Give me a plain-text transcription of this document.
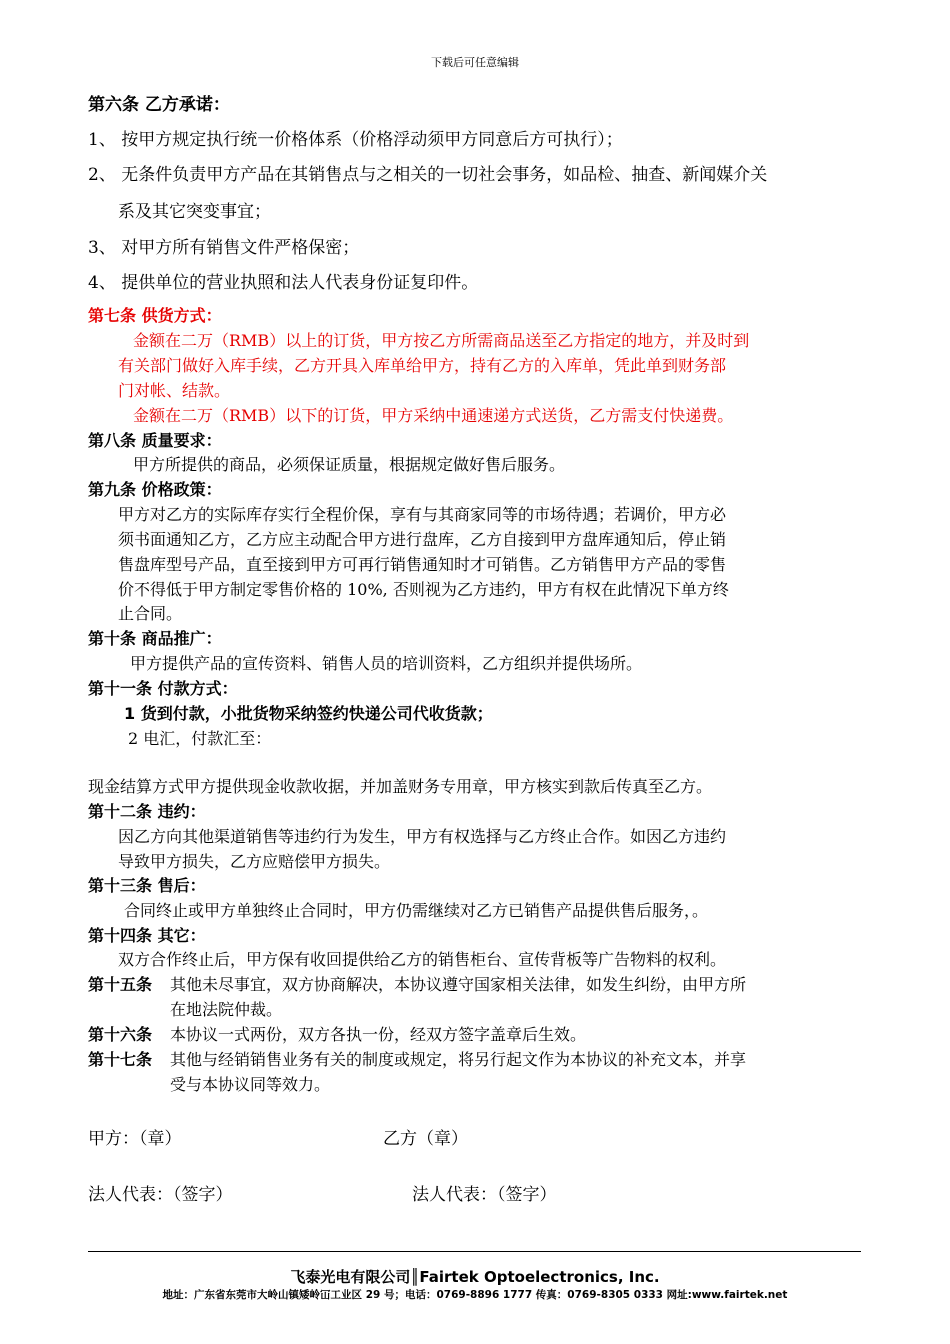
下载后可任意编辑
第六条 乙方承诺：
1、 按甲方规定执行统一价格体系（价格浮动须甲方同意后方可执行）；
2、 无条件负责甲方产品在其销售点与之相关的一切社会事务，如品检、抽查、新闻媒介关
系及其它突变事宜；
3、 对甲方所有销售文件严格保密；
4、 提供单位的营业执照和法人代表身份证复印件。
第七条 供货方式：
金额在二万（RMB）以上的订货，甲方按乙方所需商品送至乙方指定的地方，并及时到
有关部门做好入库手续，乙方开具入库单给甲方，持有乙方的入库单，凭此单到财务部
门对帐、结款。
金额在二万（RMB）以下的订货，甲方采纳中通速递方式送货，乙方需支付快递费。
第八条 质量要求：
甲方所提供的商品，必须保证质量，根据规定做好售后服务。
第九条 价格政策：
甲方对乙方的实际库存实行全程价保，享有与其商家同等的市场待遇；若调价，甲方必
须书面通知乙方，乙方应主动配合甲方进行盘库，乙方自接到甲方盘库通知后，停止销
售盘库型号产品，直至接到甲方可再行销售通知时才可销售。乙方销售甲方产品的零售
价不得低于甲方制定零售价格的 10%, 否则视为乙方违约，甲方有权在此情况下单方终
止合同。
第十条 商品推广：
甲方提供产品的宣传资料、销售人员的培训资料，乙方组织并提供场所。
第十一条 付款方式：
1 货到付款，小批货物采纳签约快递公司代收货款；
2 电汇，付款汇至：
现金结算方式甲方提供现金收款收据，并加盖财务专用章，甲方核实到款后传真至乙方。
第十二条 违约：
因乙方向其他渠道销售等违约行为发生，甲方有权选择与乙方终止合作。如因乙方违约
导致甲方损失，乙方应赔偿甲方损失。
第十三条 售后：
合同终止或甲方单独终止合同时，甲方仍需继续对乙方已销售产品提供售后服务，。
第十四条 其它：
双方合作终止后，甲方保有收回提供给乙方的销售柜台、宣传背板等广告物料的权利。
第十五条 其他未尽事宜，双方协商解决，本协议遵守国家相关法律，如发生纠纷，由甲方所
在地法院仲裁。
第十六条 本协议一式两份，双方各执一份，经双方签字盖章后生效。
第十七条 其他与经销销售业务有关的制度或规定，将另行起文作为本协议的补充文本，并享
受与本协议同等效力。
甲方：（章）	乙方（章）
法人代表：（签字）	法人代表：（签字）
飞泰光电有限公司║Fairtek Optoelectronics, Inc.
地址：广东省东莞市大岭山镇矮岭冚工业区 29 号；电话：0769-8896 1777 传真：0769-8305 0333 网址:www.fairtek.net
